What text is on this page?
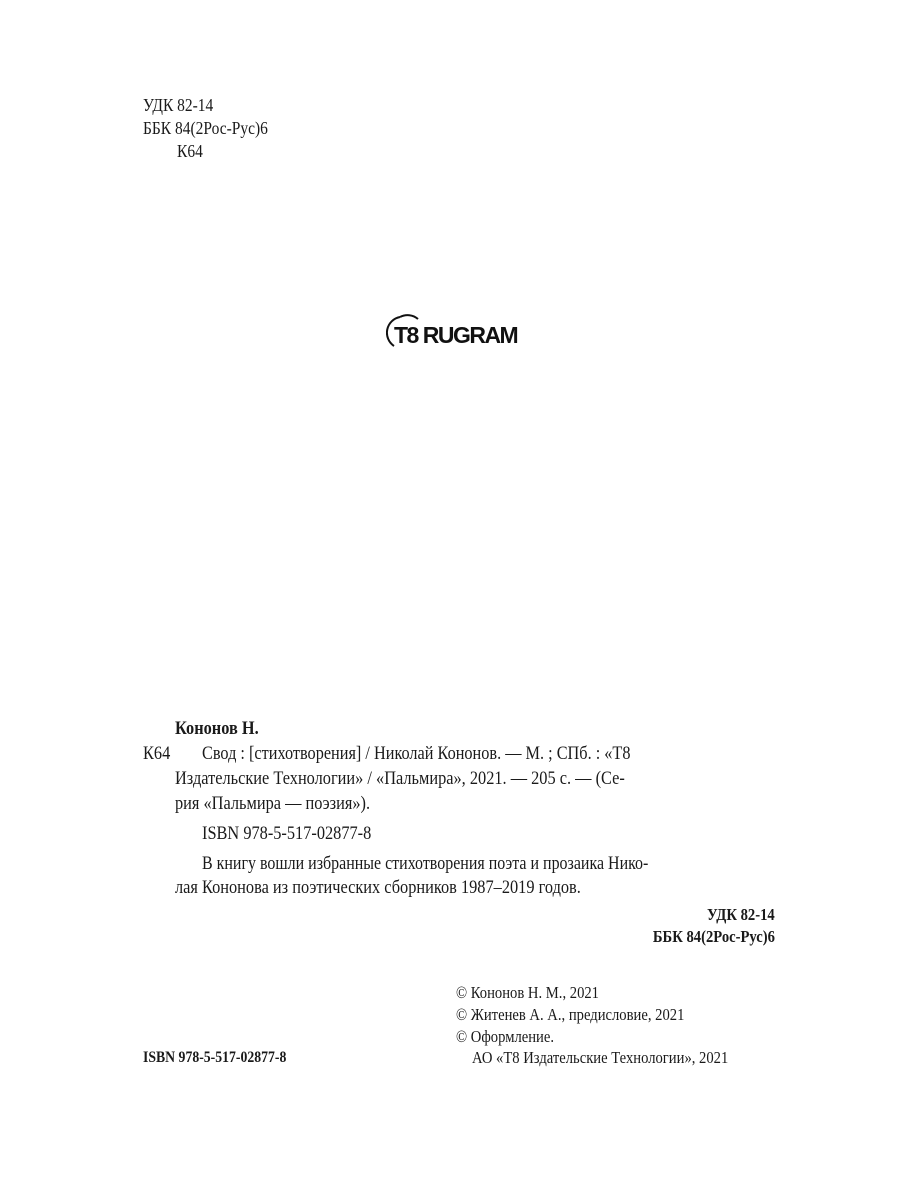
УДК 82-14
ББК 84(2Рос-Рус)6
К64
T8 RUGRAM
Кононов Н.
К64 Свод : [стихотворения] / Николай Кононов. — М. ; СПб. : «Т8
Издательские Технологии» / «Пальмира», 2021. — 205 с. — (Се-
рия «Пальмира — поэзия»).
ISBN 978-5-517-02877-8
В книгу вошли избранные стихотворения поэта и прозаика Нико-
лая Кононова из поэтических сборников 1987–2019 годов.
УДК 82-14
ББК 84(2Рос-Рус)6
© Кононов Н. М., 2021
© Житенев А. А., предисловие, 2021
© Оформление.
АО «Т8 Издательские Технологии», 2021
ISBN 978-5-517-02877-8
